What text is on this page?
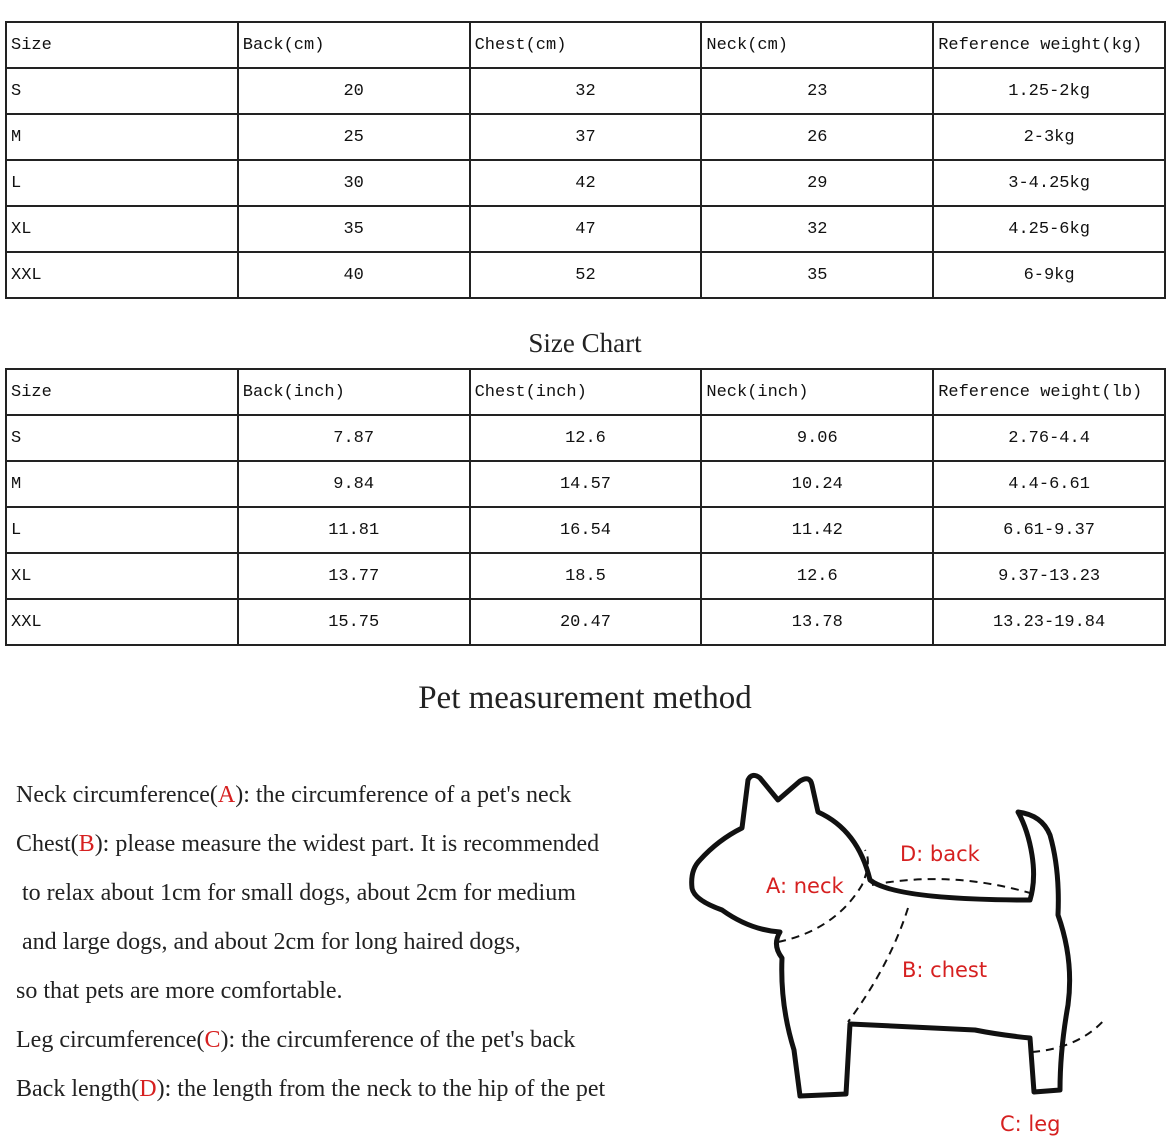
Size	Back(cm)	Chest(cm)	Neck(cm)	Reference weight(kg)
S	20	32	23	1.25-2kg
M	25	37	26	2-3kg
L	30	42	29	3-4.25kg
XL	35	47	32	4.25-6kg
XXL	40	52	35	6-9kg
Size Chart
Size	Back(inch)	Chest(inch)	Neck(inch)	Reference weight(lb)
S	7.87	12.6	9.06	2.76-4.4
M	9.84	14.57	10.24	4.4-6.61
L	11.81	16.54	11.42	6.61-9.37
XL	13.77	18.5	12.6	9.37-13.23
XXL	15.75	20.47	13.78	13.23-19.84
Pet measurement method
Neck circumference(A): the circumference of a pet's neck
Chest(B): please measure the widest part. It is recommended
to relax about 1cm for small dogs, about 2cm for medium
and large dogs, and about 2cm for long haired dogs,
so that pets are more comfortable.
Leg circumference(C): the circumference of the pet's back
Back length(D): the length from the neck to the hip of the pet
A: neck
D: back
B: chest
C: leg
